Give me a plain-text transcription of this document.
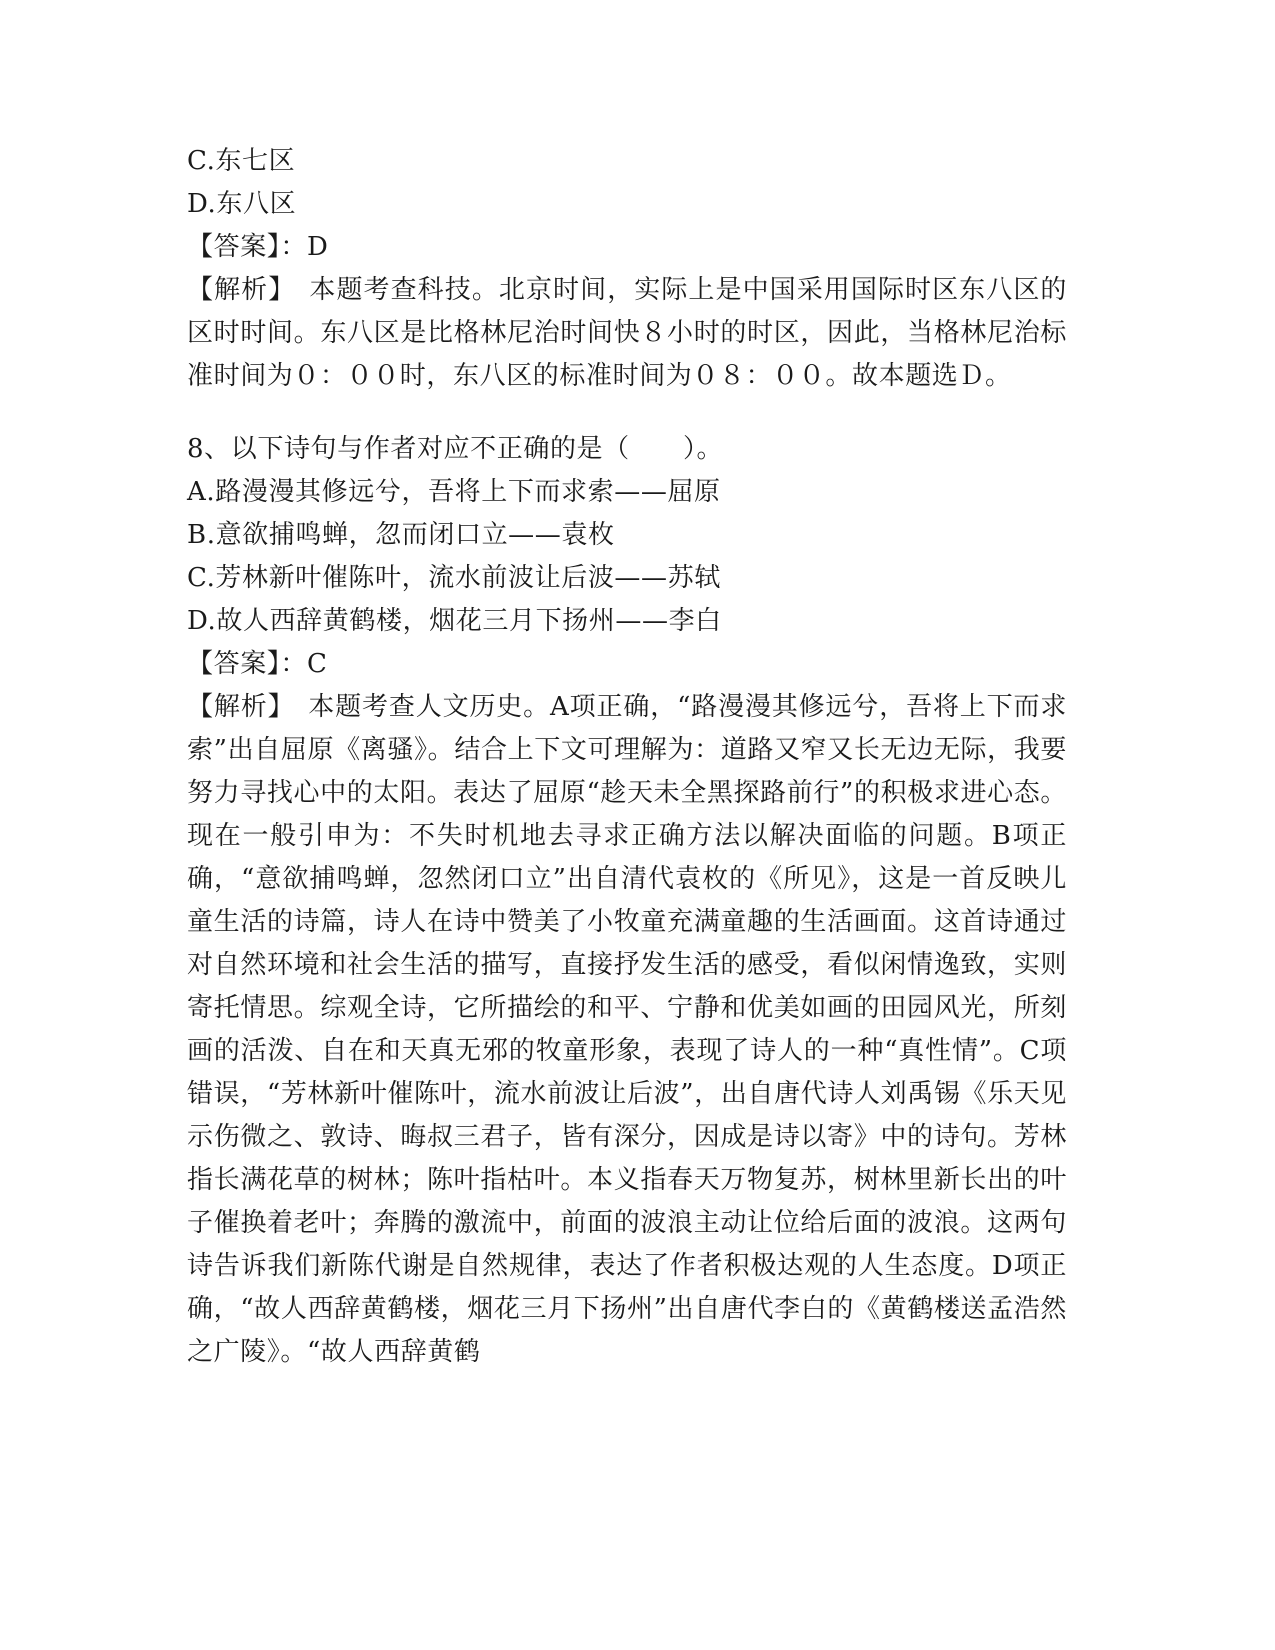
C.东七区
D.东八区
【答案】：D
【解析】　本题考查科技。北京时间，实际上是中国采用国际时区东八区的区时时间。东八区是比格林尼治时间快８小时的时区，因此，当格林尼治标准时间为０：００时，东八区的标准时间为０８：００。故本题选Ｄ。
8、以下诗句与作者对应不正确的是（　　）。
A.路漫漫其修远兮，吾将上下而求索——屈原
B.意欲捕鸣蝉，忽而闭口立——袁枚
C.芳林新叶催陈叶，流水前波让后波——苏轼
D.故人西辞黄鹤楼，烟花三月下扬州——李白
【答案】：C
【解析】　本题考查人文历史。A项正确，“路漫漫其修远兮，吾将上下而求索”出自屈原《离骚》。结合上下文可理解为：道路又窄又长无边无际，我要努力寻找心中的太阳。表达了屈原“趁天未全黑探路前行”的积极求进心态。现在一般引申为：不失时机地去寻求正确方法以解决面临的问题。B项正确，“意欲捕鸣蝉，忽然闭口立”出自清代袁枚的《所见》，这是一首反映儿童生活的诗篇，诗人在诗中赞美了小牧童充满童趣的生活画面。这首诗通过对自然环境和社会生活的描写，直接抒发生活的感受，看似闲情逸致，实则寄托情思。综观全诗，它所描绘的和平、宁静和优美如画的田园风光，所刻画的活泼、自在和天真无邪的牧童形象，表现了诗人的一种“真性情”。C项错误，“芳林新叶催陈叶，流水前波让后波”，出自唐代诗人刘禹锡《乐天见示伤微之、敦诗、晦叔三君子，皆有深分，因成是诗以寄》中的诗句。芳林指长满花草的树林；陈叶指枯叶。本义指春天万物复苏，树林里新长出的叶子催换着老叶；奔腾的激流中，前面的波浪主动让位给后面的波浪。这两句诗告诉我们新陈代谢是自然规律，表达了作者积极达观的人生态度。D项正确，“故人西辞黄鹤楼，烟花三月下扬州”出自唐代李白的《黄鹤楼送孟浩然之广陵》。“故人西辞黄鹤
